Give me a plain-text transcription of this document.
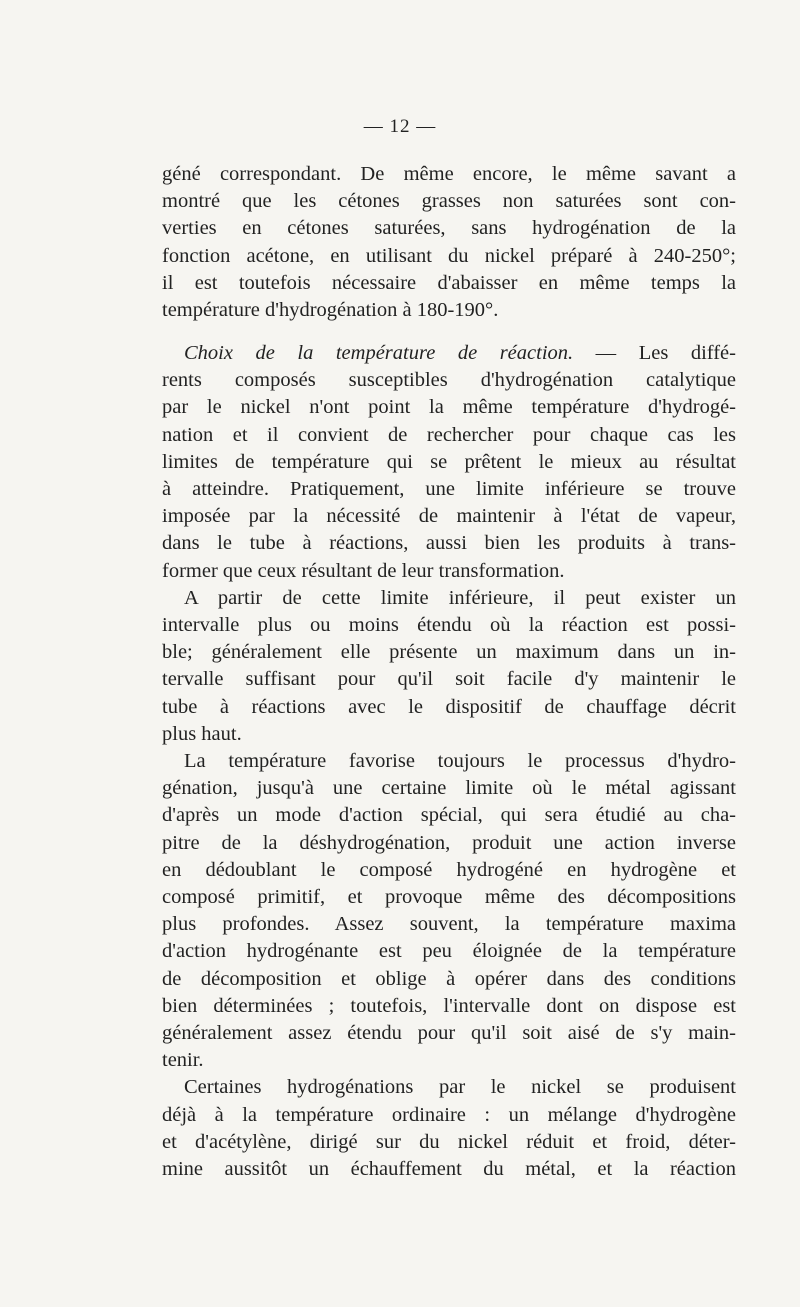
— 12 —
géné correspondant. De même encore, le même savant a
montré que les cétones grasses non saturées sont con-
verties en cétones saturées, sans hydrogénation de la
fonction acétone, en utilisant du nickel préparé à 240-250°;
il est toutefois nécessaire d'abaisser en même temps la
température d'hydrogénation à 180-190°.
Choix de la température de réaction. — Les diffé-
rents composés susceptibles d'hydrogénation catalytique
par le nickel n'ont point la même température d'hydrogé-
nation et il convient de rechercher pour chaque cas les
limites de température qui se prêtent le mieux au résultat
à atteindre. Pratiquement, une limite inférieure se trouve
imposée par la nécessité de maintenir à l'état de vapeur,
dans le tube à réactions, aussi bien les produits à trans-
former que ceux résultant de leur transformation.
A partir de cette limite inférieure, il peut exister un
intervalle plus ou moins étendu où la réaction est possi-
ble; généralement elle présente un maximum dans un in-
tervalle suffisant pour qu'il soit facile d'y maintenir le
tube à réactions avec le dispositif de chauffage décrit
plus haut.
La température favorise toujours le processus d'hydro-
génation, jusqu'à une certaine limite où le métal agissant
d'après un mode d'action spécial, qui sera étudié au cha-
pitre de la déshydrogénation, produit une action inverse
en dédoublant le composé hydrogéné en hydrogène et
composé primitif, et provoque même des décompositions
plus profondes. Assez souvent, la température maxima
d'action hydrogénante est peu éloignée de la température
de décomposition et oblige à opérer dans des conditions
bien déterminées ; toutefois, l'intervalle dont on dispose est
généralement assez étendu pour qu'il soit aisé de s'y main-
tenir.
Certaines hydrogénations par le nickel se produisent
déjà à la température ordinaire : un mélange d'hydrogène
et d'acétylène, dirigé sur du nickel réduit et froid, déter-
mine aussitôt un échauffement du métal, et la réaction
